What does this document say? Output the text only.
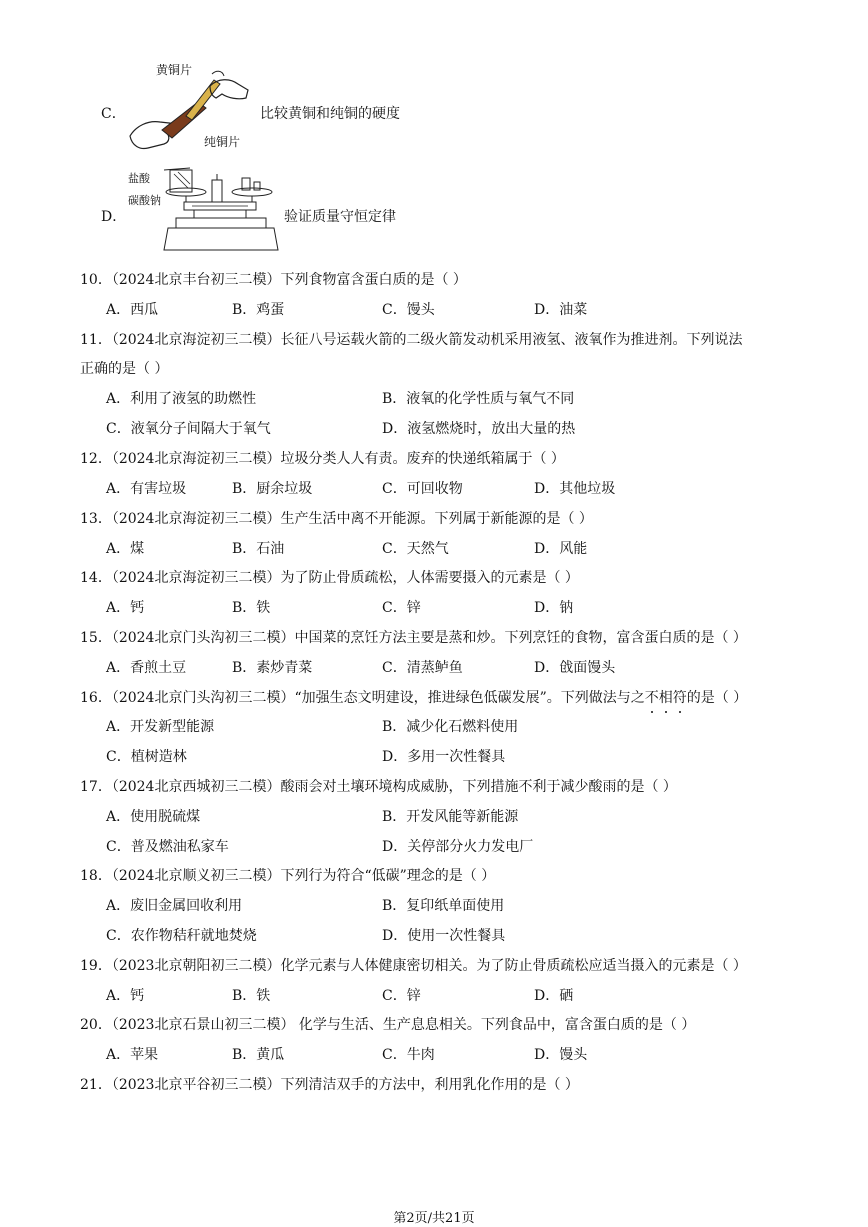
C．
黄铜片
纯铜片
比较黄铜和纯铜的硬度
D．
盐酸
碳酸钠
验证质量守恒定律
10．（2024北京丰台初三二模）下列食物富含蛋白质的是（ ）
A．西瓜	B．鸡蛋	C．馒头	D．油菜
11．（2024北京海淀初三二模）长征八号运载火箭的二级火箭发动机采用液氢、液氧作为推进剂。下列说法
正确的是（ ）
A．利用了液氢的助燃性	B．液氧的化学性质与氧气不同
C．液氧分子间隔大于氧气	D．液氢燃烧时，放出大量的热
12．（2024北京海淀初三二模）垃圾分类人人有责。废弃的快递纸箱属于（ ）
A．有害垃圾	B．厨余垃圾	C．可回收物	D．其他垃圾
13．（2024北京海淀初三二模）生产生活中离不开能源。下列属于新能源的是（ ）
A．煤	B．石油	C．天然气	D．风能
14．（2024北京海淀初三二模）为了防止骨质疏松，人体需要摄入的元素是（ ）
A．钙	B．铁	C．锌	D．钠
15．（2024北京门头沟初三二模）中国菜的烹饪方法主要是蒸和炒。下列烹饪的食物，富含蛋白质的是（ ）
A．香煎土豆	B．素炒青菜	C．清蒸鲈鱼	D．戗面馒头
16．（2024北京门头沟初三二模）“加强生态文明建设，推进绿色低碳发展”。下列做法与之不相符的是（ ）
A．开发新型能源	B．减少化石燃料使用
C．植树造林	D．多用一次性餐具
17．（2024北京西城初三二模）酸雨会对土壤环境构成威胁，下列措施不利于减少酸雨的是（ ）
A．使用脱硫煤	B．开发风能等新能源
C．普及燃油私家车	D．关停部分火力发电厂
18．（2024北京顺义初三二模）下列行为符合“低碳”理念的是（ ）
A．废旧金属回收利用	B．复印纸单面使用
C．农作物秸秆就地焚烧	D．使用一次性餐具
19．（2023北京朝阳初三二模）化学元素与人体健康密切相关。为了防止骨质疏松应适当摄入的元素是（ ）
A．钙	B．铁	C．锌	D．硒
20．（2023北京石景山初三二模） 化学与生活、生产息息相关。下列食品中，富含蛋白质的是（ ）
A．苹果	B．黄瓜	C．牛肉	D．馒头
21．（2023北京平谷初三二模）下列清洁双手的方法中，利用乳化作用的是（ ）
第2页/共21页
